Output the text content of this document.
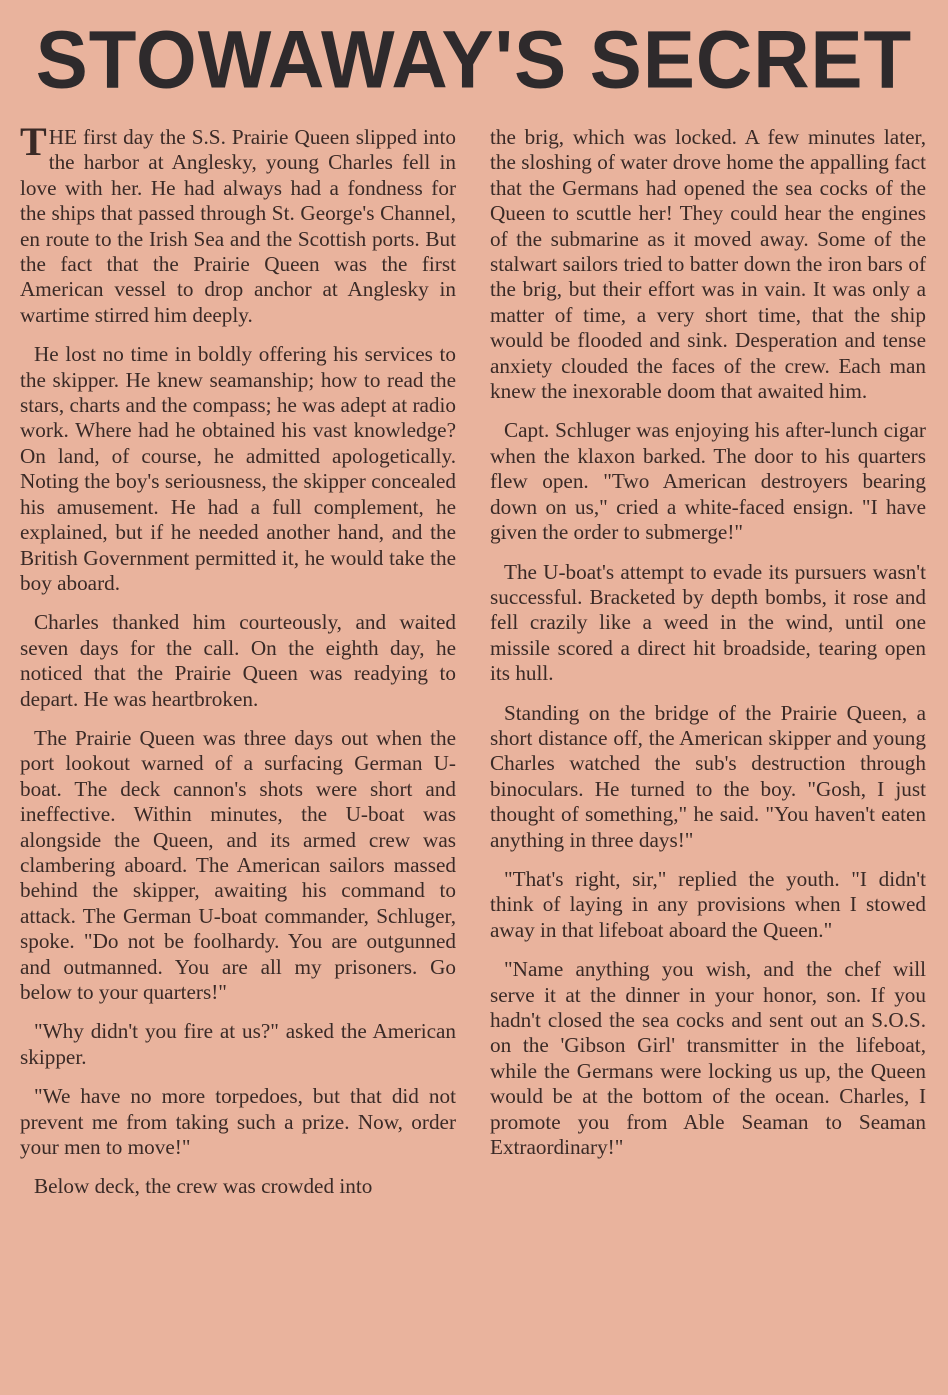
STOWAWAY'S SECRET

THE first day the S.S. Prairie Queen slipped into the harbor at Anglesky, young Charles fell in love with her. He had always had a fondness for the ships that passed through St. George's Channel, en route to the Irish Sea and the Scottish ports. But the fact that the Prairie Queen was the first American vessel to drop anchor at Anglesky in wartime stirred him deeply.

He lost no time in boldly offering his services to the skipper. He knew seamanship; how to read the stars, charts and the compass; he was adept at radio work. Where had he obtained his vast knowledge? On land, of course, he admitted apologetically. Noting the boy's seriousness, the skipper concealed his amusement. He had a full complement, he explained, but if he needed another hand, and the British Government permitted it, he would take the boy aboard.

Charles thanked him courteously, and waited seven days for the call. On the eighth day, he noticed that the Prairie Queen was readying to depart. He was heartbroken.

The Prairie Queen was three days out when the port lookout warned of a surfacing German U-boat. The deck cannon's shots were short and ineffective. Within minutes, the U-boat was alongside the Queen, and its armed crew was clambering aboard. The American sailors massed behind the skipper, awaiting his command to attack. The German U-boat commander, Schluger, spoke. "Do not be foolhardy. You are outgunned and outmanned. You are all my prisoners. Go below to your quarters!"

"Why didn't you fire at us?" asked the American skipper.

"We have no more torpedoes, but that did not prevent me from taking such a prize. Now, order your men to move!"

Below deck, the crew was crowded into

the brig, which was locked. A few minutes later, the sloshing of water drove home the appalling fact that the Germans had opened the sea cocks of the Queen to scuttle her! They could hear the engines of the submarine as it moved away. Some of the stalwart sailors tried to batter down the iron bars of the brig, but their effort was in vain. It was only a matter of time, a very short time, that the ship would be flooded and sink. Desperation and tense anxiety clouded the faces of the crew. Each man knew the inexorable doom that awaited him.

Capt. Schluger was enjoying his after-lunch cigar when the klaxon barked. The door to his quarters flew open. "Two American destroyers bearing down on us," cried a white-faced ensign. "I have given the order to submerge!"

The U-boat's attempt to evade its pursuers wasn't successful. Bracketed by depth bombs, it rose and fell crazily like a weed in the wind, until one missile scored a direct hit broadside, tearing open its hull.

Standing on the bridge of the Prairie Queen, a short distance off, the American skipper and young Charles watched the sub's destruction through binoculars. He turned to the boy. "Gosh, I just thought of something," he said. "You haven't eaten anything in three days!"

"That's right, sir," replied the youth. "I didn't think of laying in any provisions when I stowed away in that lifeboat aboard the Queen."

"Name anything you wish, and the chef will serve it at the dinner in your honor, son. If you hadn't closed the sea cocks and sent out an S.O.S. on the 'Gibson Girl' transmitter in the lifeboat, while the Germans were locking us up, the Queen would be at the bottom of the ocean. Charles, I promote you from Able Seaman to Seaman Extraordinary!"
